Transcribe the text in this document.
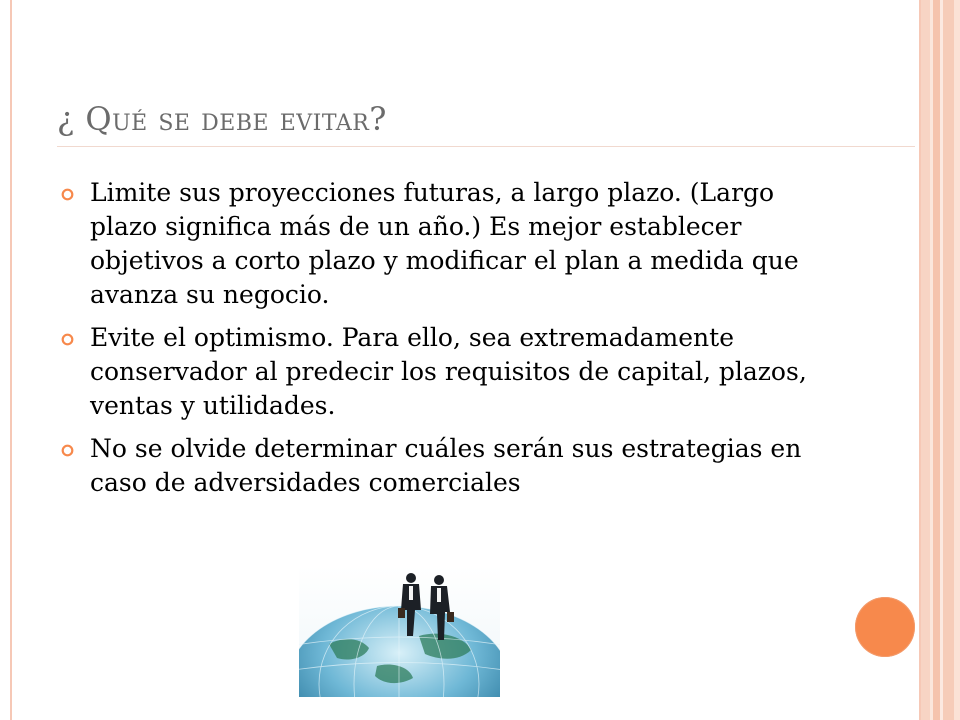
¿ Qué se debe evitar?
Limite sus proyecciones futuras, a largo plazo. (Largo plazo significa más de un año.) Es mejor establecer objetivos a corto plazo y modificar el plan a medida que avanza su negocio.
Evite el optimismo. Para ello, sea extremadamente conservador al predecir los requisitos de capital, plazos, ventas y utilidades.
No se olvide determinar cuáles serán sus estrategias en caso de adversidades comerciales
